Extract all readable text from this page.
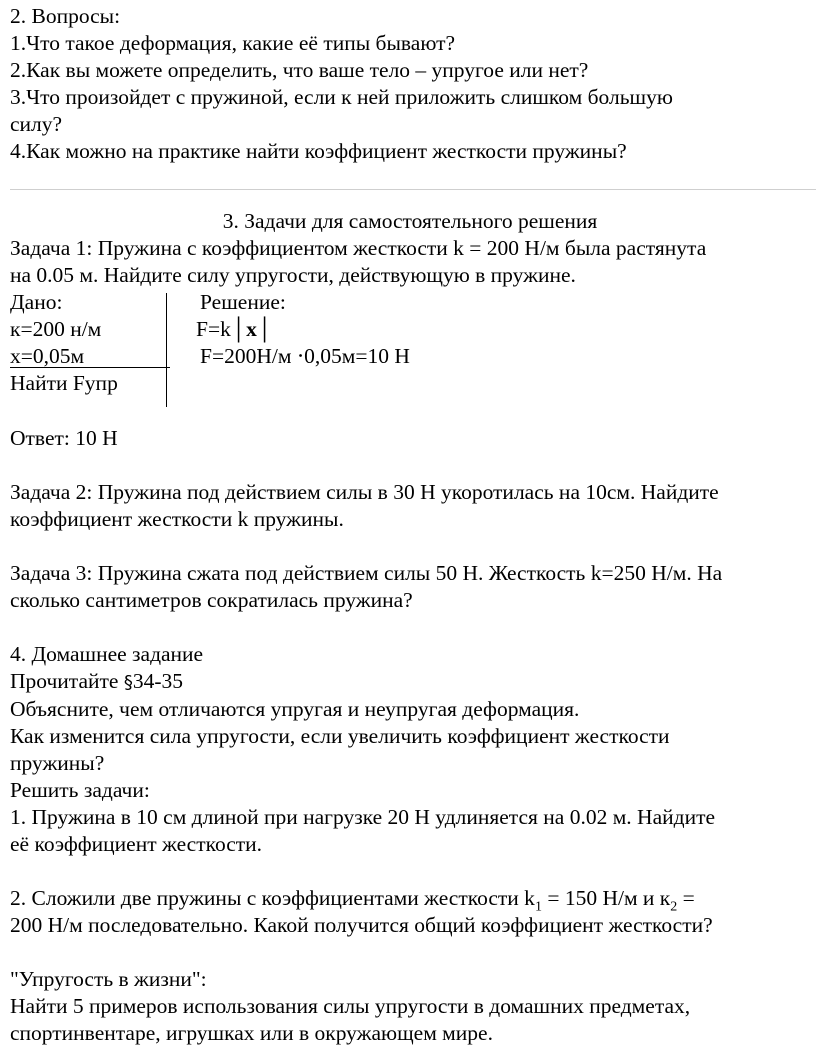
2. Вопросы:
1.Что такое деформация, какие её типы бывают?
2.Как вы можете определить, что ваше тело – упругое или нет?
3.Что произойдет с пружиной, если к ней приложить слишком большую
силу?
4.Как можно на практике найти коэффициент жесткости пружины?
3. Задачи для самостоятельного решения
Задача 1: Пружина с коэффициентом жесткости k = 200 Н/м была растянута
на 0.05 м. Найдите силу упругости, действующую в пружине.
Дано:
к=200 н/м
х=0,05м
Найти Fупр
Решение:
F=k│х│
F=200Н/м ⋅0,05м=10 Н
Ответ: 10 Н
Задача 2: Пружина под действием силы в 30 Н укоротилась на 10см. Найдите
коэффициент жесткости k пружины.
Задача 3: Пружина сжата под действием силы 50 Н. Жесткость k=250 Н/м. На
сколько сантиметров сократилась пружина?
4. Домашнее задание
Прочитайте §34-35
Объясните, чем отличаются упругая и неупругая деформация.
Как изменится сила упругости, если увеличить коэффициент жесткости
пружины?
Решить задачи:
1. Пружина в 10 см длиной при нагрузке 20 Н удлиняется на 0.02 м. Найдите
её коэффициент жесткости.
2. Сложили две пружины с коэффициентами жесткости $k_1 = 150$ Н/м и $к_2$ =
200 Н/м последовательно. Какой получится общий коэффициент жесткости?
"Упругость в жизни":
Найти 5 примеров использования силы упругости в домашних предметах,
спортинвентаре, игрушках или в окружающем мире.
